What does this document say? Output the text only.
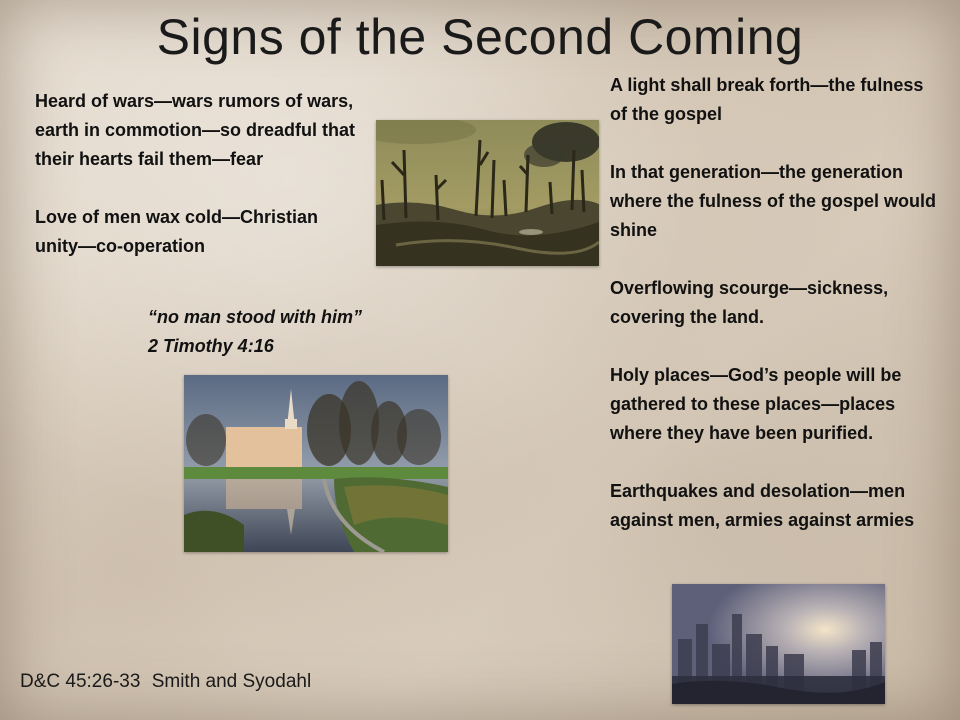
Signs of the Second Coming

Heard of wars—wars rumors of wars, earth in commotion—so dreadful that their hearts fail them—fear

Love of men wax cold—Christian unity—co-operation

“no man stood with him”

2 Timothy 4:16

A light shall break forth—the fulness of the gospel

In that generation—the generation where the fulness of the gospel would shine

Overflowing scourge—sickness, covering the land.

Holy places—God’s people will be gathered to these places—places where they have been purified.

Earthquakes and desolation—men against men, armies against armies

D&C 45:26-33 Smith and Syodahl
